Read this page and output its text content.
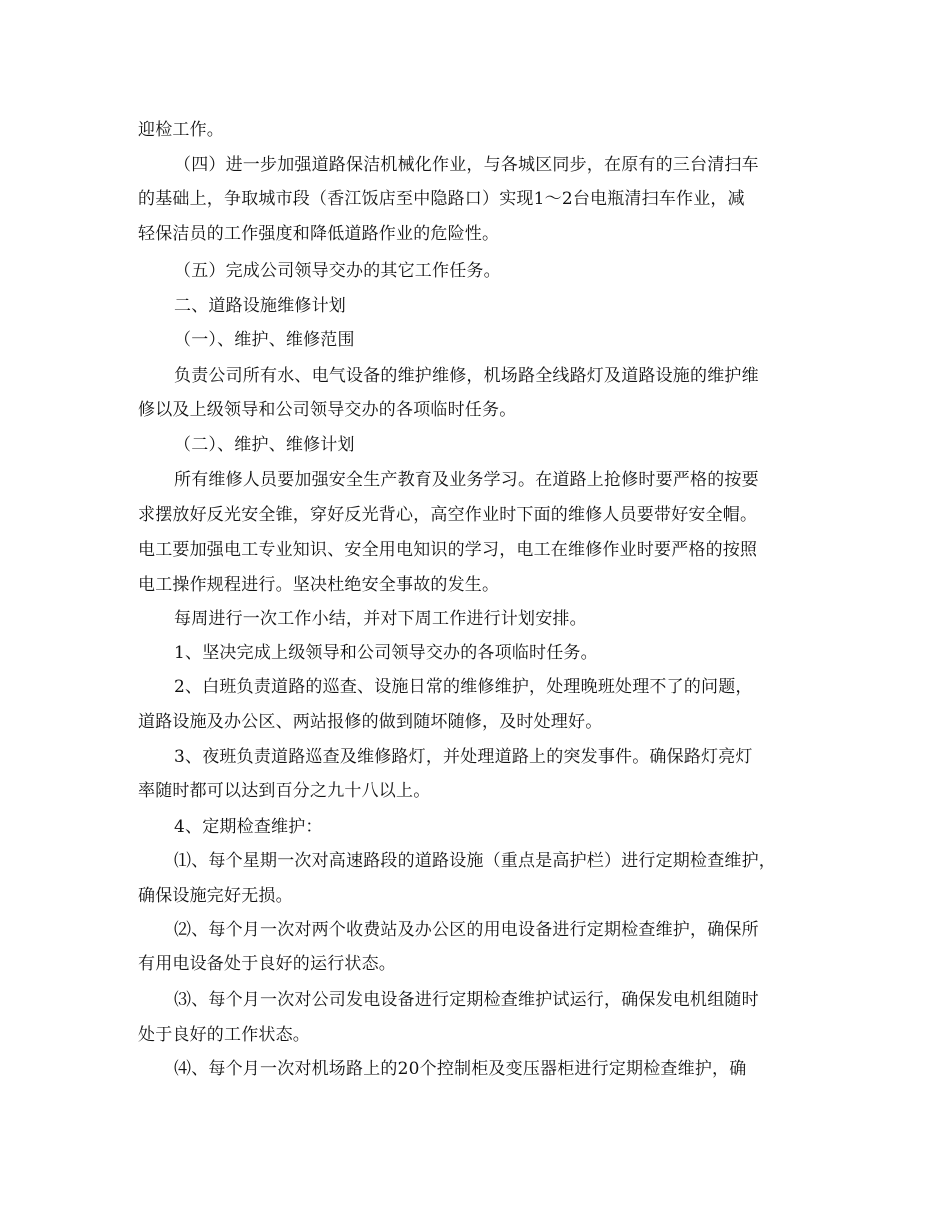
迎检工作。
（四）进一步加强道路保洁机械化作业，与各城区同步，在原有的三台清扫车
的基础上，争取城市段（香江饭店至中隐路口）实现1～2台电瓶清扫车作业，减
轻保洁员的工作强度和降低道路作业的危险性。
（五）完成公司领导交办的其它工作任务。
二、道路设施维修计划
（一）、维护、维修范围
负责公司所有水、电气设备的维护维修，机场路全线路灯及道路设施的维护维
修以及上级领导和公司领导交办的各项临时任务。
（二）、维护、维修计划
所有维修人员要加强安全生产教育及业务学习。在道路上抢修时要严格的按要
求摆放好反光安全锥，穿好反光背心，高空作业时下面的维修人员要带好安全帽。
电工要加强电工专业知识、安全用电知识的学习，电工在维修作业时要严格的按照
电工操作规程进行。坚决杜绝安全事故的发生。
每周进行一次工作小结，并对下周工作进行计划安排。
1、坚决完成上级领导和公司领导交办的各项临时任务。
2、白班负责道路的巡查、设施日常的维修维护，处理晚班处理不了的问题，
道路设施及办公区、两站报修的做到随坏随修，及时处理好。
3、夜班负责道路巡查及维修路灯，并处理道路上的突发事件。确保路灯亮灯
率随时都可以达到百分之九十八以上。
4、定期检查维护：
⑴、每个星期一次对高速路段的道路设施（重点是高护栏）进行定期检查维护，
确保设施完好无损。
⑵、每个月一次对两个收费站及办公区的用电设备进行定期检查维护，确保所
有用电设备处于良好的运行状态。
⑶、每个月一次对公司发电设备进行定期检查维护试运行，确保发电机组随时
处于良好的工作状态。
⑷、每个月一次对机场路上的20个控制柜及变压器柜进行定期检查维护，确
